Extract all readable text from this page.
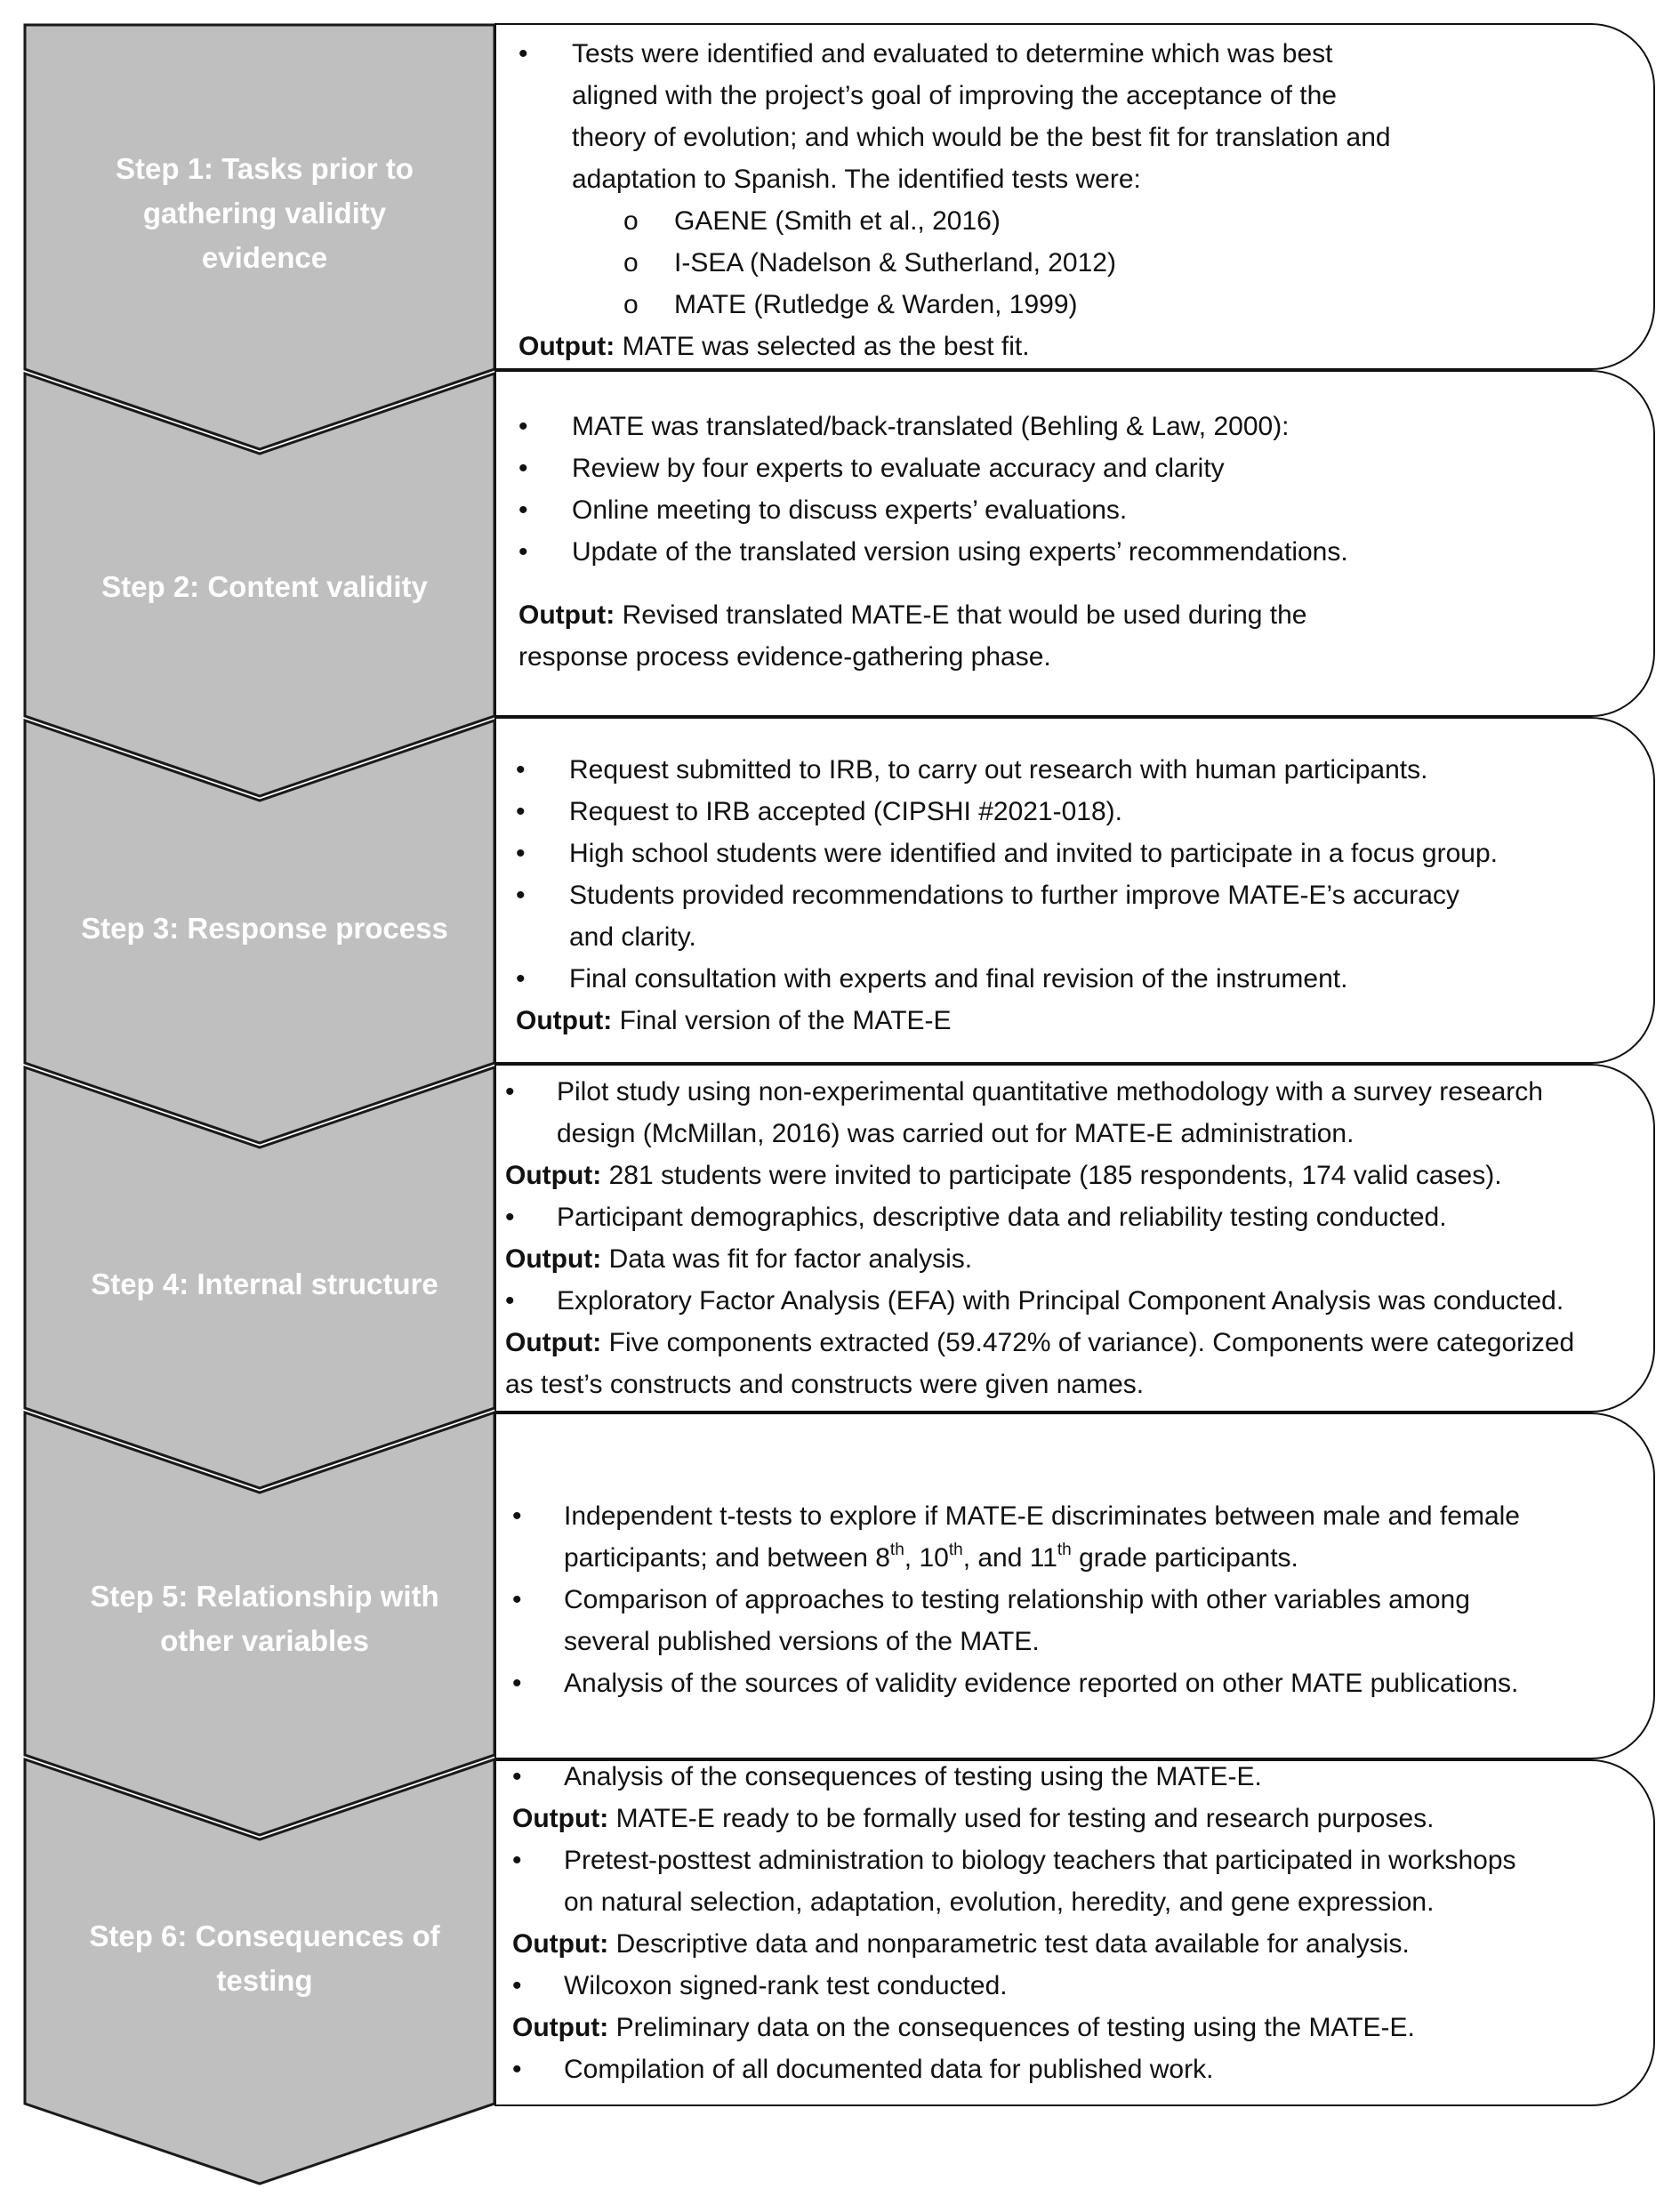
Step 1: Tasks prior to
gathering validity
evidence
Step 2: Content validity
Step 3: Response process
Step 4: Internal structure
Step 5: Relationship with
other variables
Step 6: Consequences of
testing
• Tests were identified and evaluated to determine which was best
aligned with the project’s goal of improving the acceptance of the
theory of evolution; and which would be the best fit for translation and
adaptation to Spanish. The identified tests were:
o GAENE (Smith et al., 2016)
o I-SEA (Nadelson & Sutherland, 2012)
o MATE (Rutledge & Warden, 1999)
Output: MATE was selected as the best fit.
• MATE was translated/back-translated (Behling & Law, 2000):
• Review by four experts to evaluate accuracy and clarity
• Online meeting to discuss experts’ evaluations.
• Update of the translated version using experts’ recommendations.
Output: Revised translated MATE-E that would be used during the
response process evidence-gathering phase.
• Request submitted to IRB, to carry out research with human participants.
• Request to IRB accepted (CIPSHI #2021-018).
• High school students were identified and invited to participate in a focus group.
• Students provided recommendations to further improve MATE-E’s accuracy
and clarity.
• Final consultation with experts and final revision of the instrument.
Output: Final version of the MATE-E
• Pilot study using non-experimental quantitative methodology with a survey research
design (McMillan, 2016) was carried out for MATE-E administration.
Output: 281 students were invited to participate (185 respondents, 174 valid cases).
• Participant demographics, descriptive data and reliability testing conducted.
Output: Data was fit for factor analysis.
• Exploratory Factor Analysis (EFA) with Principal Component Analysis was conducted.
Output: Five components extracted (59.472% of variance). Components were categorized
as test’s constructs and constructs were given names.
• Independent t-tests to explore if MATE-E discriminates between male and female
participants; and between 8th, 10th, and 11th grade participants.
• Comparison of approaches to testing relationship with other variables among
several published versions of the MATE.
• Analysis of the sources of validity evidence reported on other MATE publications.
• Analysis of the consequences of testing using the MATE-E.
Output: MATE-E ready to be formally used for testing and research purposes.
• Pretest-posttest administration to biology teachers that participated in workshops
on natural selection, adaptation, evolution, heredity, and gene expression.
Output: Descriptive data and nonparametric test data available for analysis.
• Wilcoxon signed-rank test conducted.
Output: Preliminary data on the consequences of testing using the MATE-E.
• Compilation of all documented data for published work.
